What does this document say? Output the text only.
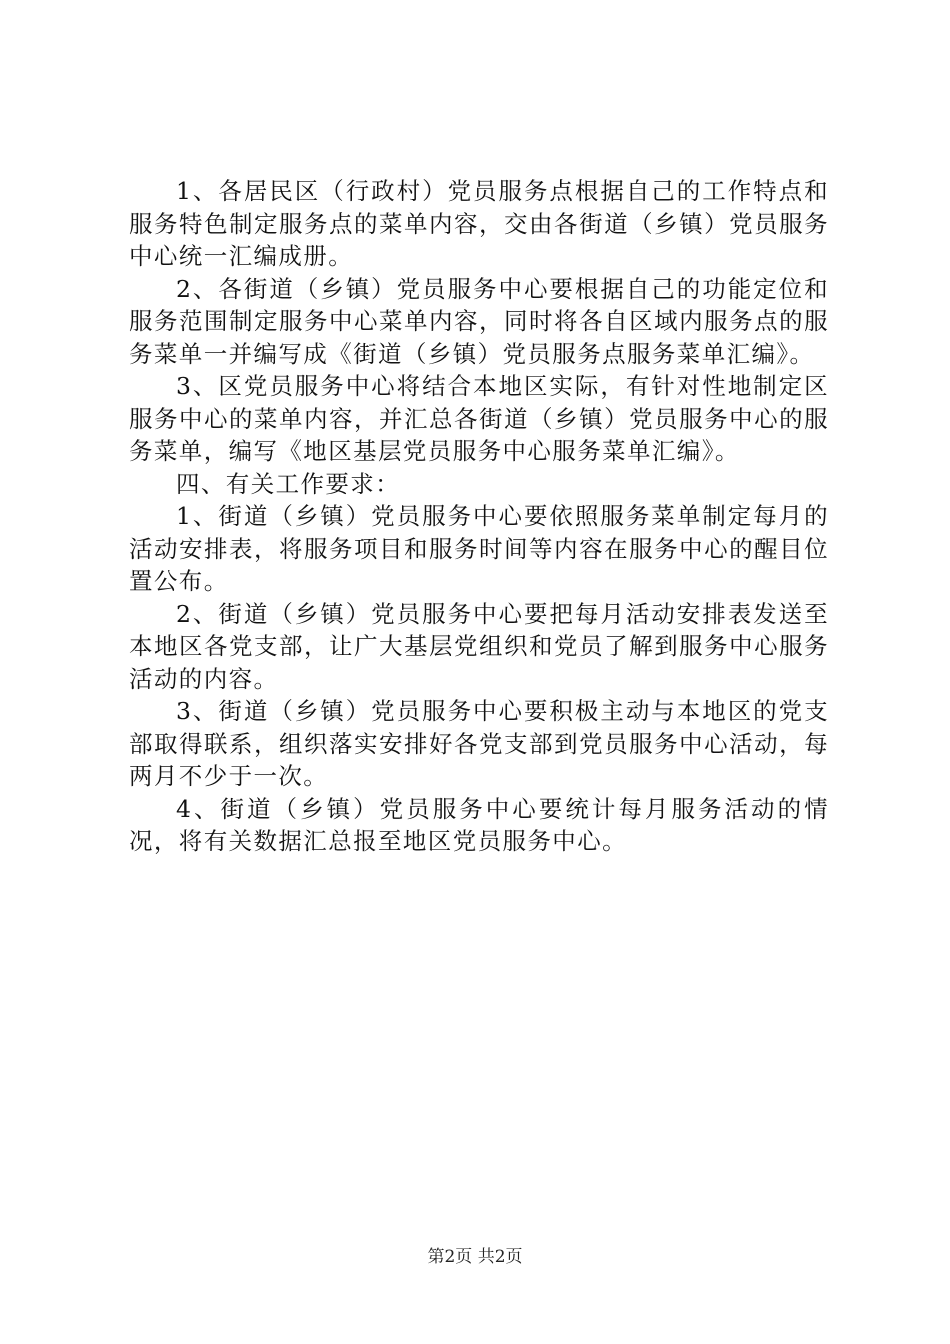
1、各居民区（行政村）党员服务点根据自己的工作特点和服务特色制定服务点的菜单内容，交由各街道（乡镇）党员服务中心统一汇编成册。

2、各街道（乡镇）党员服务中心要根据自己的功能定位和服务范围制定服务中心菜单内容，同时将各自区域内服务点的服务菜单一并编写成《街道（乡镇）党员服务点服务菜单汇编》。

3、区党员服务中心将结合本地区实际，有针对性地制定区服务中心的菜单内容，并汇总各街道（乡镇）党员服务中心的服务菜单，编写《地区基层党员服务中心服务菜单汇编》。

四、有关工作要求：

1、街道（乡镇）党员服务中心要依照服务菜单制定每月的活动安排表，将服务项目和服务时间等内容在服务中心的醒目位置公布。

2、街道（乡镇）党员服务中心要把每月活动安排表发送至本地区各党支部，让广大基层党组织和党员了解到服务中心服务活动的内容。

3、街道（乡镇）党员服务中心要积极主动与本地区的党支部取得联系，组织落实安排好各党支部到党员服务中心活动，每两月不少于一次。

4、街道（乡镇）党员服务中心要统计每月服务活动的情况，将有关数据汇总报至地区党员服务中心。

第2页 共2页
